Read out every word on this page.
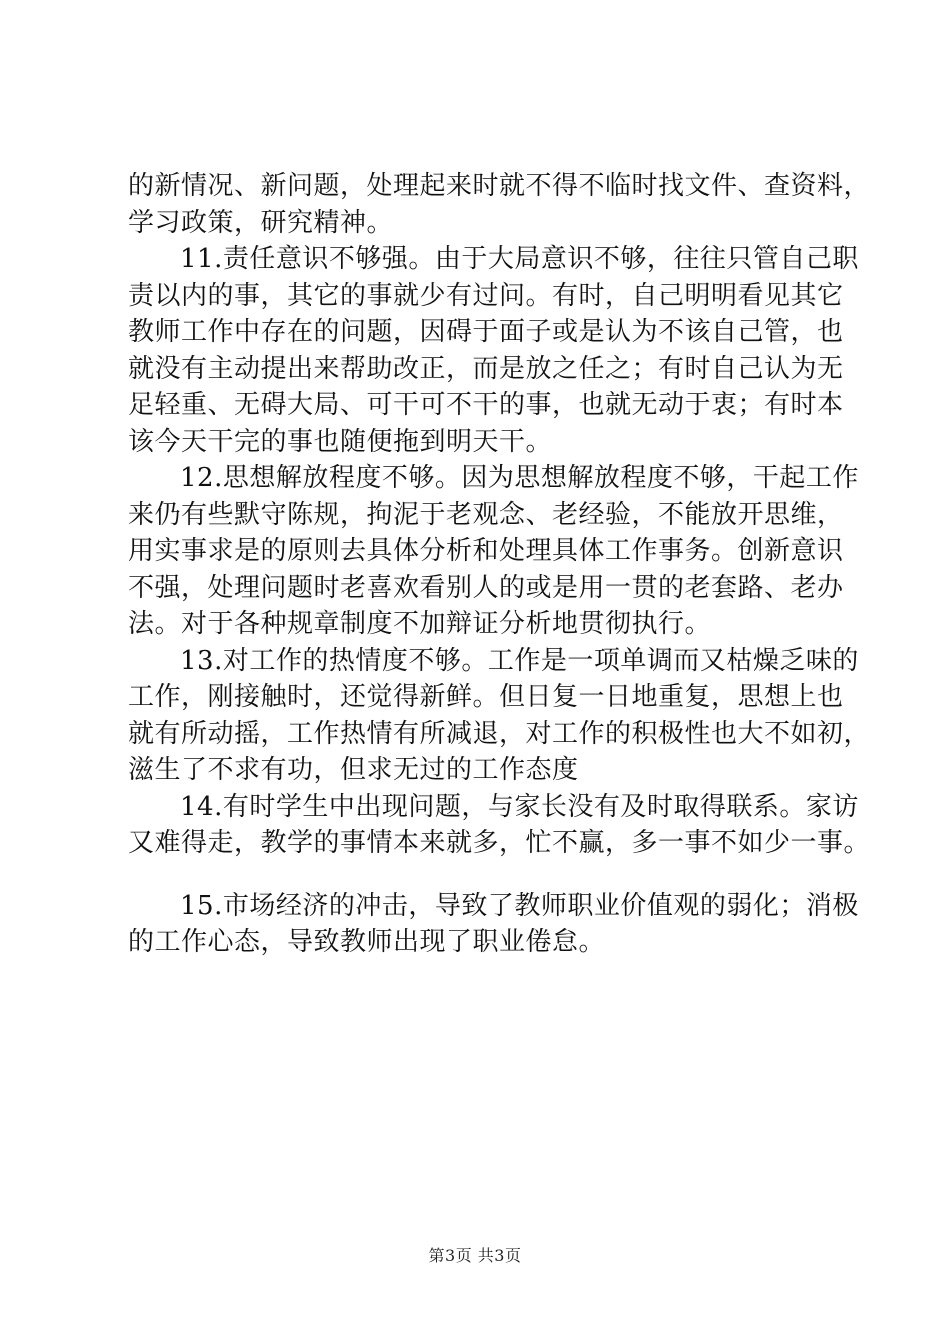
的新情况、新问题，处理起来时就不得不临时找文件、查资料，
学习政策，研究精神。
11.责任意识不够强。由于大局意识不够，往往只管自己职
责以内的事，其它的事就少有过问。有时，自己明明看见其它
教师工作中存在的问题，因碍于面子或是认为不该自己管，也
就没有主动提出来帮助改正，而是放之任之；有时自己认为无
足轻重、无碍大局、可干可不干的事，也就无动于衷；有时本
该今天干完的事也随便拖到明天干。
12.思想解放程度不够。因为思想解放程度不够，干起工作
来仍有些默守陈规，拘泥于老观念、老经验，不能放开思维，
用实事求是的原则去具体分析和处理具体工作事务。创新意识
不强，处理问题时老喜欢看别人的或是用一贯的老套路、老办
法。对于各种规章制度不加辩证分析地贯彻执行。
13.对工作的热情度不够。工作是一项单调而又枯燥乏味的
工作，刚接触时，还觉得新鲜。但日复一日地重复，思想上也
就有所动摇，工作热情有所减退，对工作的积极性也大不如初，
滋生了不求有功，但求无过的工作态度
14.有时学生中出现问题，与家长没有及时取得联系。家访
又难得走，教学的事情本来就多，忙不赢，多一事不如少一事。
15.市场经济的冲击，导致了教师职业价值观的弱化；消极
的工作心态，导致教师出现了职业倦怠。
第3页 共3页
